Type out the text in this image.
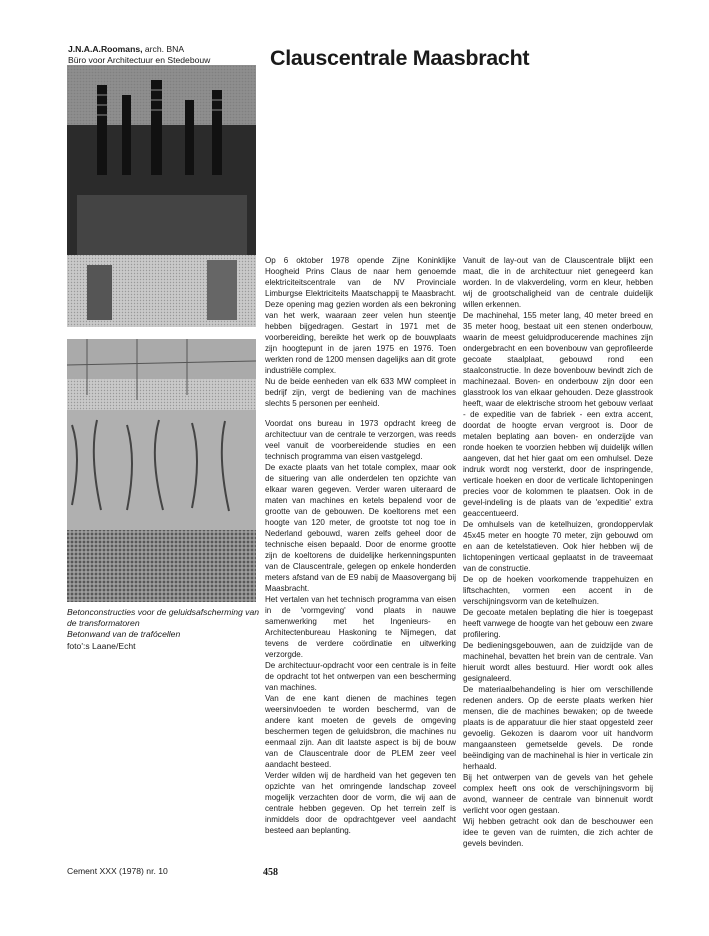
J.N.A.A.Roomans, arch. BNA
Büro voor Architectuur en Stedebouw	Clauscentrale Maasbracht
Betonconstructies voor de geluidsafscherming van de transformatoren
Betonwand van de trafócellen
foto':s Laane/Echt

Op 6 oktober 1978 opende Zijne Koninklijke Hoogheid Prins Claus de naar hem genoemde elektriciteitscentrale van de NV Provinciale Limburgse Elektriciteits Maatschappij te Maasbracht. Deze opening mag gezien worden als een bekroning van het werk, waaraan zeer velen hun steentje hebben bijgedragen. Gestart in 1971 met de voorbereiding, bereikte het werk op de bouwplaats zijn hoogtepunt in de jaren 1975 en 1976. Toen werkten rond de 1200 mensen dagelijks aan dit grote industriële complex.

Nu de beide eenheden van elk 633 MW compleet in bedrijf zijn, vergt de bediening van de machines slechts 5 personen per eenheid.

Voordat ons bureau in 1973 opdracht kreeg de architectuur van de centrale te verzorgen, was reeds veel vanuit de voorbereidende studies en een technisch programma van eisen vastgelegd.

De exacte plaats van het totale complex, maar ook de situering van alle onderdelen ten opzichte van elkaar waren gegeven. Verder waren uiteraard de maten van machines en ketels bepalend voor de grootte van de gebouwen. De koeltorens met een hoogte van 120 meter, de grootste tot nog toe in Nederland gebouwd, waren zelfs geheel door de technische eisen bepaald. Door de enorme grootte zijn de koeltorens de duidelijke herkenningspunten van de Clauscentrale, gelegen op enkele honderden meters afstand van de E9 nabij de Maasovergang bij Maasbracht.

Het vertalen van het technisch programma van eisen in de 'vormgeving' vond plaats in nauwe samenwerking met het Ingenieurs- en Architectenbureau Haskoning te Nijmegen, dat tevens de verdere coördinatie en uitwerking verzorgde.

De architectuur-opdracht voor een centrale is in feite de opdracht tot het ontwerpen van een bescherming van machines.

Van de ene kant dienen de machines tegen weersinvloeden te worden beschermd, van de andere kant moeten de gevels de omgeving beschermen tegen de geluidsbron, die machines nu eenmaal zijn. Aan dit laatste aspect is bij de bouw van de Clauscentrale door de PLEM zeer veel aandacht besteed.

Verder wilden wij de hardheid van het gegeven ten opzichte van het omringende landschap zoveel mogelijk verzachten door de vorm, die wij aan de centrale hebben gegeven. Op het terrein zelf is inmiddels door de opdrachtgever veel aandacht besteed aan beplanting.

Vanuit de lay-out van de Clauscentrale blijkt een maat, die in de architectuur niet genegeerd kan worden. In de vlakverdeling, vorm en kleur, hebben wij de grootschaligheid van de centrale duidelijk willen erkennen.

De machinehal, 155 meter lang, 40 meter breed en 35 meter hoog, bestaat uit een stenen onderbouw, waarin de meest geluidproducerende machines zijn ondergebracht en een bovenbouw van geprofileerde gecoate staalplaat, gebouwd rond een staalconstructie. In deze bovenbouw bevindt zich de machinezaal. Boven- en onderbouw zijn door een glasstrook los van elkaar gehouden. Deze glasstrook heeft, waar de elektrische stroom het gebouw verlaat - de expeditie van de fabriek - een extra accent, doordat de hoogte ervan vergroot is. Door de metalen beplating aan boven- en onderzijde van ronde hoeken te voorzien hebben wij duidelijk willen aangeven, dat het hier gaat om een omhulsel. Deze indruk wordt nog versterkt, door de inspringende, verticale hoeken en door de verticale lichtopeningen precies voor de kolommen te plaatsen. Ook in de gevel-indeling is de plaats van de 'expeditie' extra geaccentueerd.

De omhulsels van de ketelhuizen, grondoppervlak 45x45 meter en hoogte 70 meter, zijn gebouwd om en aan de ketelstatieven. Ook hier hebben wij de lichtopeningen verticaal geplaatst in de traveemaat van de constructie.

De op de hoeken voorkomende trappehuizen en liftschachten, vormen een accent in de verschijningsvorm van de ketelhuizen.

De gecoate metalen beplating die hier is toegepast heeft vanwege de hoogte van het gebouw een zware profilering.

De bedieningsgebouwen, aan de zuidzijde van de machinehal, bevatten het brein van de centrale. Van hieruit wordt alles bestuurd. Hier wordt ook alles gesignaleerd.

De materiaalbehandeling is hier om verschillende redenen anders. Op de eerste plaats werken hier mensen, die de machines bewaken; op de tweede plaats is de apparatuur die hier staat opgesteld zeer gevoelig. Gekozen is daarom voor uit handvorm mangaansteen gemetselde gevels. De ronde beëindiging van de machinehal is hier in verticale zin herhaald.

Bij het ontwerpen van de gevels van het gehele complex heeft ons ook de verschijningsvorm bij avond, wanneer de centrale van binnenuit wordt verlicht voor ogen gestaan.

Wij hebben getracht ook dan de beschouwer een idee te geven van de ruimten, die zich achter de gevels bevinden.

Cement XXX (1978) nr. 10	458
